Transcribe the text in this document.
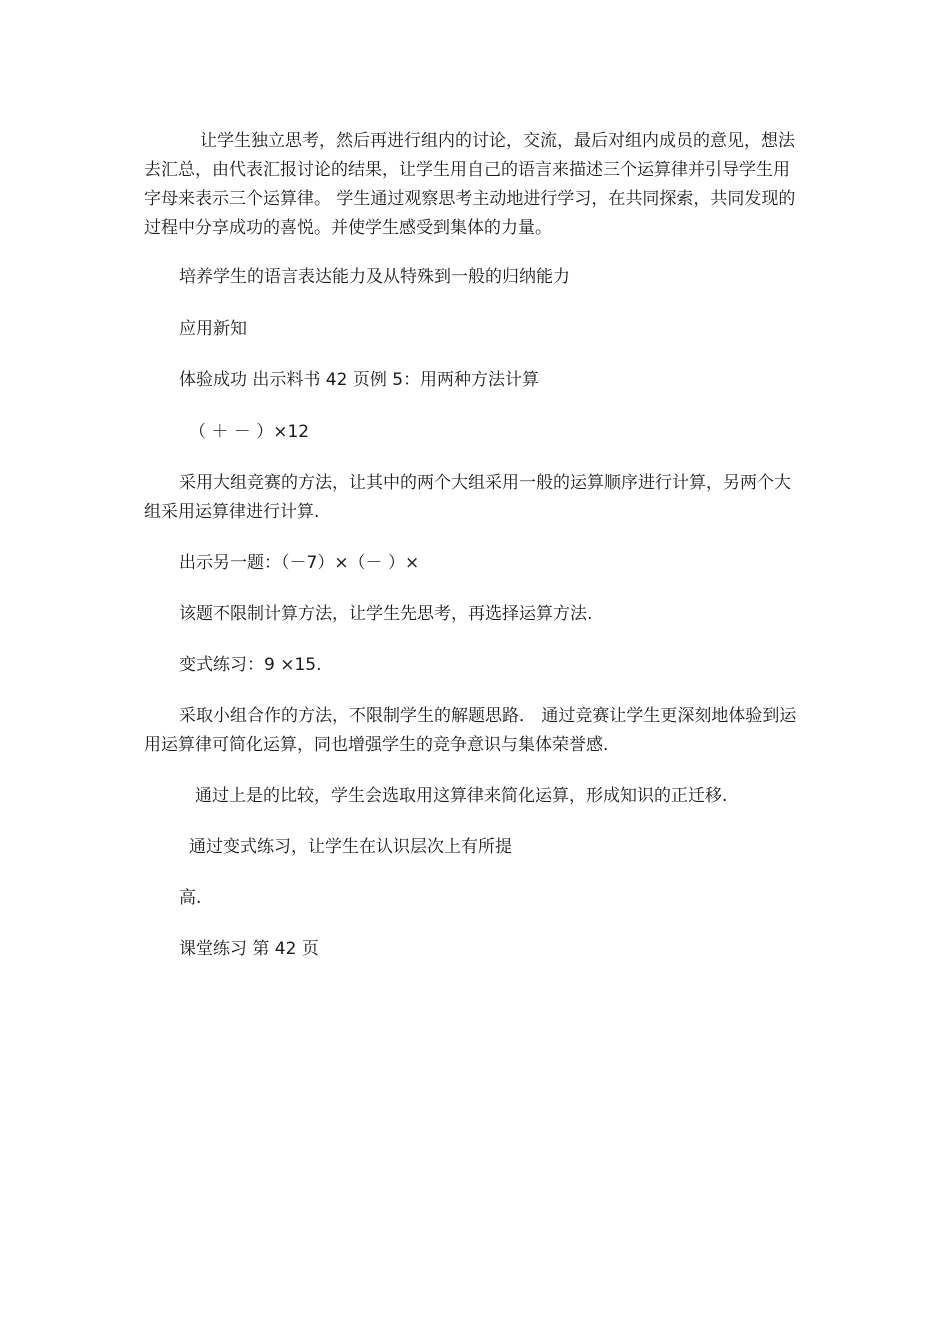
让学生独立思考，然后再进行组内的讨论，交流，最后对组内成员的意见，想法去汇总，由代表汇报讨论的结果，让学生用自己的语言来描述三个运算律并引导学生用字母来表示三个运算律。 学生通过观察思考主动地进行学习，在共同探索，共同发现的过程中分享成功的喜悦。并使学生感受到集体的力量。

培养学生的语言表达能力及从特殊到一般的归纳能力

应用新知

体验成功 出示料书 42 页例 5：用两种方法计算

（ ＋ － ）×12

采用大组竞赛的方法，让其中的两个大组采用一般的运算顺序进行计算，另两个大组采用运算律进行计算.

出示另一题：（－7）×（－ ）×

该题不限制计算方法，让学生先思考，再选择运算方法.

变式练习：9 ×15.

采取小组合作的方法，不限制学生的解题思路． 通过竞赛让学生更深刻地体验到运用运算律可简化运算，同也增强学生的竞争意识与集体荣誉感.

通过上是的比较，学生会选取用这算律来简化运算，形成知识的正迁移.

通过变式练习，让学生在认识层次上有所提

高.

课堂练习 第 42 页
